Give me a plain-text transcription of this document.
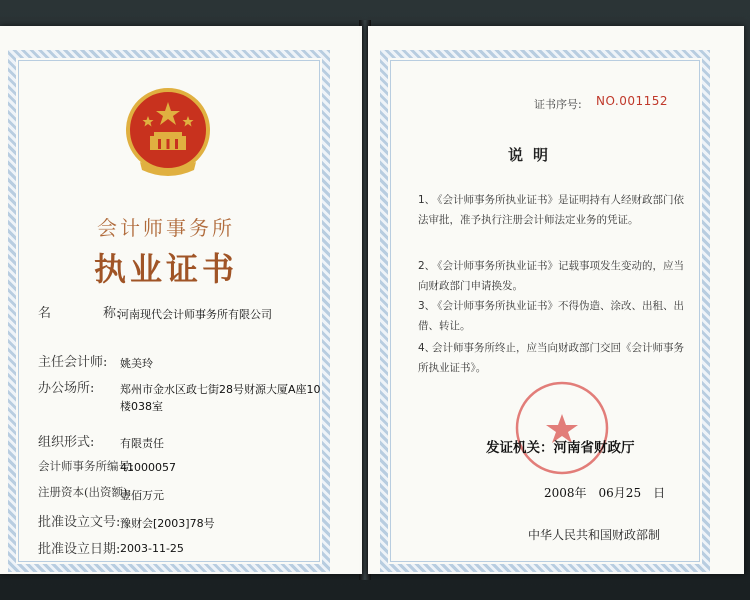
会计师事务所
执业证书
名　　　　称:
河南现代会计师事务所有限公司
主任会计师: 姚美玲
办公场所: 郑州市金水区政七街28号财源大厦A座10
楼038室
组织形式: 有限责任
会计师事务所编号:
41000057
注册资本(出资额):
壹佰万元
批准设立文号: 豫财会[2003]78号
批准设立日期: 2003-11-25
证书序号: NO.001152
说明
1、《会计师事务所执业证书》是证明持有人经财政部门依法审批，准予执行注册会计师法定业务的凭证。
2、《会计师事务所执业证书》记载事项发生变动的，应当向财政部门申请换发。
3、《会计师事务所执业证书》不得伪造、涂改、出租、出借、转让。
4、会计师事务所终止，应当向财政部门交回《会计师事务所执业证书》。
发证机关：河南省财政厅
2008年　06月25　日
中华人民共和国财政部制
